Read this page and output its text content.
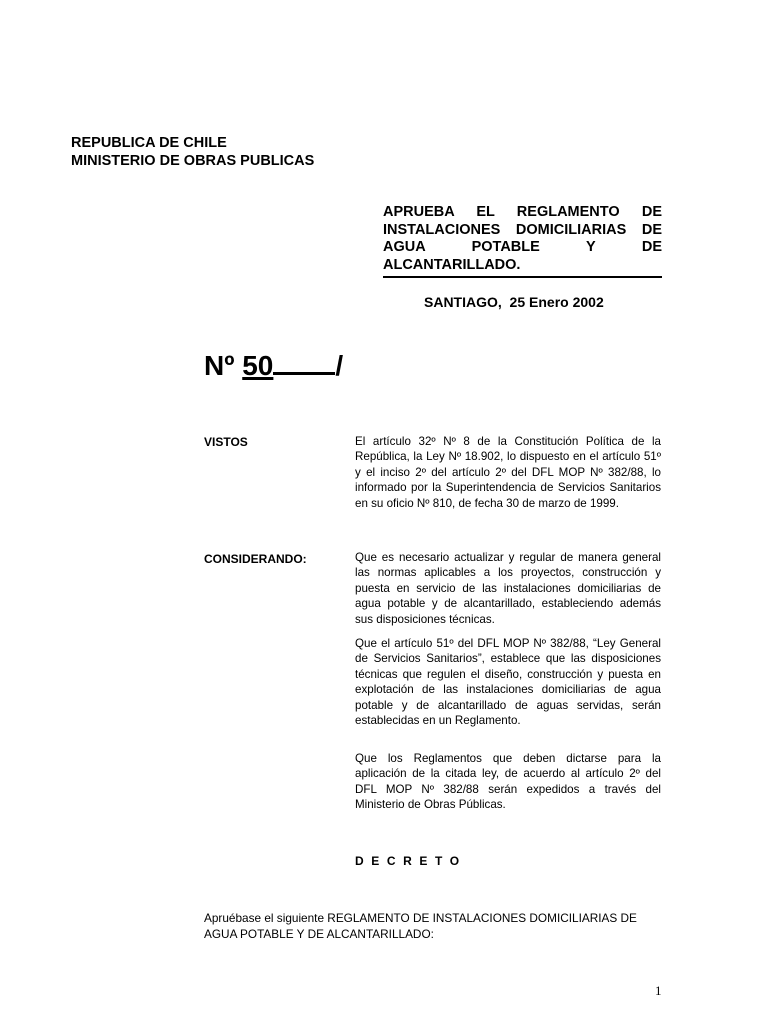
REPUBLICA DE CHILE
MINISTERIO DE OBRAS PUBLICAS
APRUEBA EL REGLAMENTO DE INSTALACIONES DOMICILIARIAS DE AGUA POTABLE Y DE
ALCANTARILLADO.
SANTIAGO,  25 Enero 2002
Nº 50 /
VISTOS	El artículo 32º Nº 8 de la Constitución Política de la República, la Ley Nº 18.902, lo dispuesto en el artículo 51º y el inciso 2º del artículo 2º del DFL MOP Nº 382/88, lo informado por la Superintendencia de Servicios Sanitarios en su oficio Nº 810, de fecha 30 de marzo de 1999.
CONSIDERANDO:	Que es necesario actualizar y regular de manera general las normas aplicables a los proyectos, construcción y puesta en servicio de las instalaciones domiciliarias de agua potable y de alcantarillado, estableciendo además sus disposiciones técnicas.
Que el artículo 51º del DFL MOP Nº 382/88, “Ley General de Servicios Sanitarios”, establece que las disposiciones técnicas que regulen el diseño, construcción y puesta en explotación de las instalaciones domiciliarias de agua potable y de alcantarillado de aguas servidas, serán establecidas en un Reglamento.
Que los Reglamentos que deben dictarse para la aplicación de la citada ley, de acuerdo al artículo 2º del DFL MOP Nº 382/88 serán expedidos a través del Ministerio de Obras Públicas.
DECRETO
Apruébase el siguiente REGLAMENTO DE INSTALACIONES DOMICILIARIAS DE AGUA POTABLE Y DE ALCANTARILLADO:
1
